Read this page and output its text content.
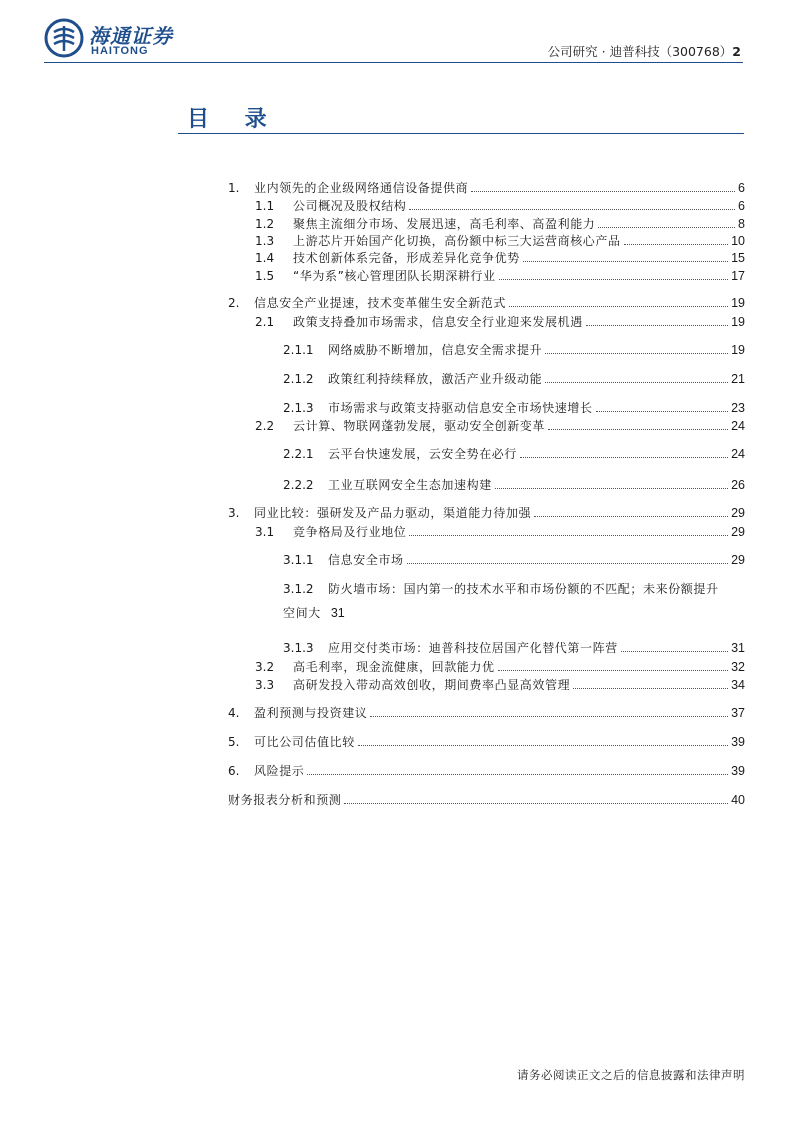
海通证券
HAITONG	公司研究 · 迪普科技（300768）2
目 录
1.	业内领先的企业级网络通信设备提供商	6
1.1	公司概况及股权结构	6
1.2	聚焦主流细分市场、发展迅速，高毛利率、高盈利能力	8
1.3	上游芯片开始国产化切换，高份额中标三大运营商核心产品	10
1.4	技术创新体系完备，形成差异化竞争优势	15
1.5	“华为系”核心管理团队长期深耕行业	17
2.	信息安全产业提速，技术变革催生安全新范式	19
2.1	政策支持叠加市场需求，信息安全行业迎来发展机遇	19
2.1.1	网络威胁不断增加，信息安全需求提升	19
2.1.2	政策红利持续释放，激活产业升级动能	21
2.1.3	市场需求与政策支持驱动信息安全市场快速增长	23
2.2	云计算、物联网蓬勃发展，驱动安全创新变革	24
2.2.1	云平台快速发展，云安全势在必行	24
2.2.2	工业互联网安全生态加速构建	26
3.	同业比较：强研发及产品力驱动，渠道能力待加强	29
3.1	竞争格局及行业地位	29
3.1.1	信息安全市场	29
3.1.2	防火墙市场：国内第一的技术水平和市场份额的不匹配；未来份额提升
空间大 31
3.1.3	应用交付类市场：迪普科技位居国产化替代第一阵营	31
3.2	高毛利率，现金流健康，回款能力优	32
3.3	高研发投入带动高效创收，期间费率凸显高效管理	34
4.	盈利预测与投资建议	37
5.	可比公司估值比较	39
6.	风险提示	39
财务报表分析和预测	40
请务必阅读正文之后的信息披露和法律声明
